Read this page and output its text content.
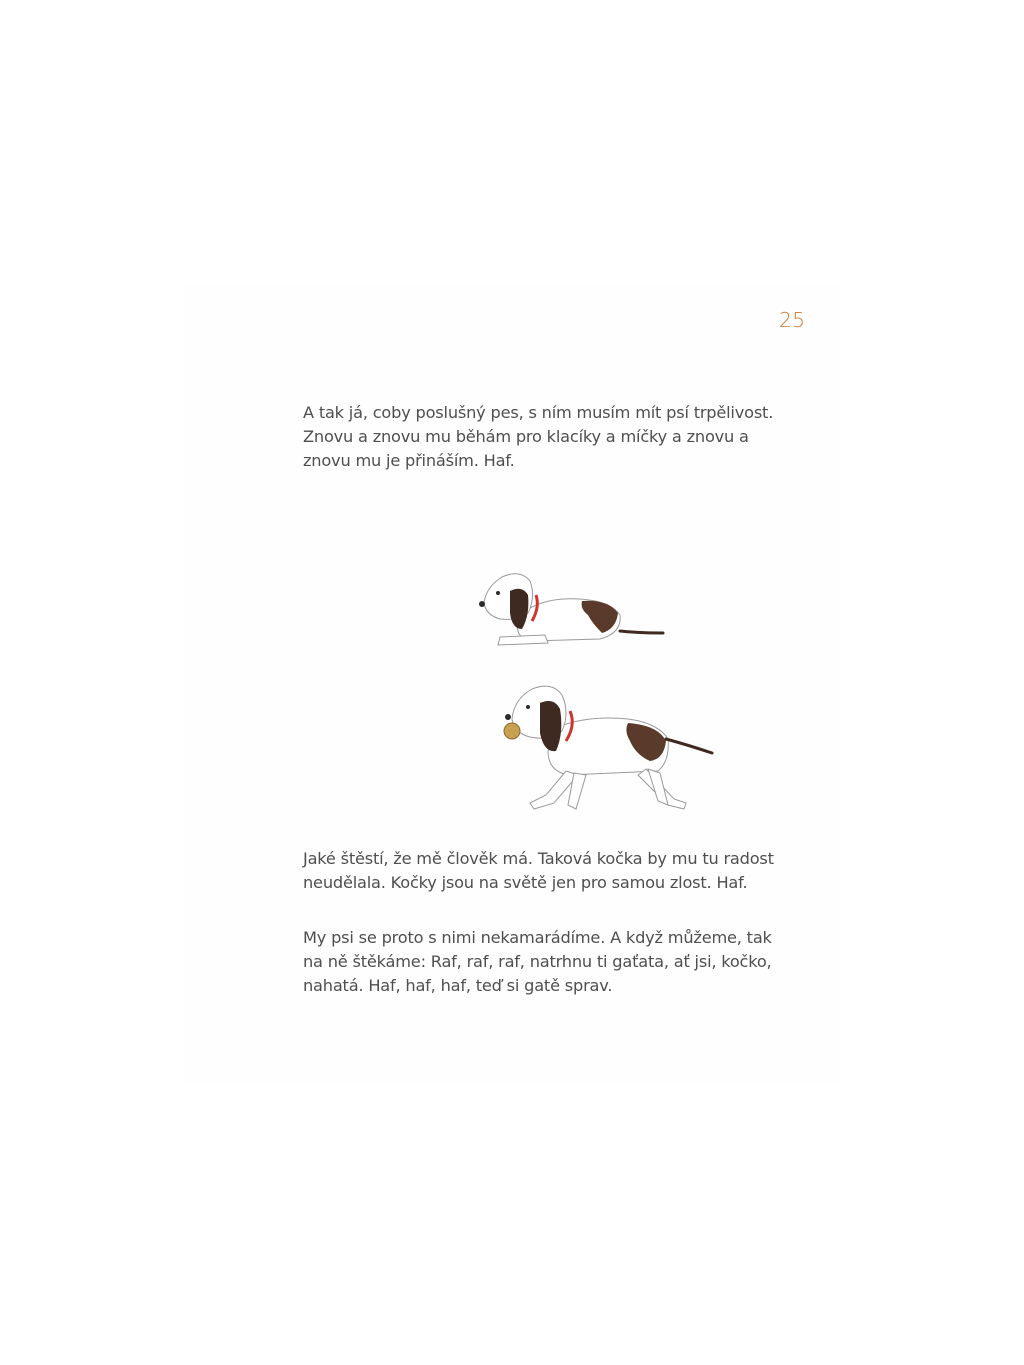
25

A tak já, coby poslušný pes, s ním musím mít psí trpělivost. Znovu a znovu mu běhám pro klacíky a míčky a znovu a znovu mu je přináším. Haf.

Jaké štěstí, že mě člověk má. Taková kočka by mu tu radost neudělala. Kočky jsou na světě jen pro samou zlost. Haf.

My psi se proto s nimi nekamarádíme. A když můžeme, tak na ně štěkáme: Raf, raf, raf, natrhnu ti gaťata, ať jsi, kočko, nahatá. Haf, haf, haf, teď si gatě sprav.
